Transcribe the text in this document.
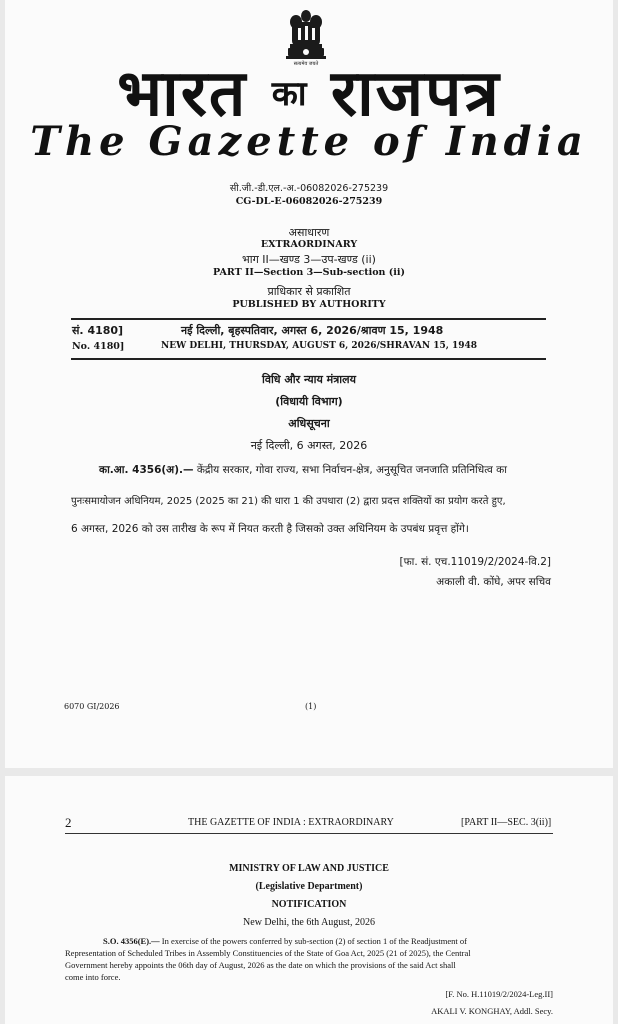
सत्यमेव जयते
भारत का राजपत्र
The Gazette of India
सी.जी.-डी.एल.-अ.-06082026-275239
CG-DL-E-06082026-275239
असाधारण
EXTRAORDINARY
भाग II—खण्ड 3—उप-खण्ड (ii)
PART II—Section 3—Sub-section (ii)
प्राधिकार से प्रकाशित
PUBLISHED BY AUTHORITY
सं. 4180]	नई दिल्ली, बृहस्पतिवार, अगस्त 6, 2026/श्रावण 15, 1948
No. 4180]	NEW DELHI, THURSDAY, AUGUST 6, 2026/SHRAVAN 15, 1948
विधि और न्याय मंत्रालय
(विधायी विभाग)
अधिसूचना
नई दिल्ली, 6 अगस्त, 2026
का.आ. 4356(अ).— केंद्रीय सरकार, गोवा राज्य, सभा निर्वाचन-क्षेत्र, अनुसूचित जनजाति प्रतिनिधित्व का
पुनःसमायोजन अधिनियम, 2025 (2025 का 21) की धारा 1 की उपधारा (2) द्वारा प्रदत्त शक्तियों का प्रयोग करते हुए,
6 अगस्त, 2026 को उस तारीख के रूप में नियत करती है जिसको उक्त अधिनियम के उपबंध प्रवृत्त होंगे।
[फा. सं. एच.11019/2/2024-वि.2]
अकाली वी. कोंघे, अपर सचिव
6070 GI/2026	(1)
2	THE GAZETTE OF INDIA : EXTRAORDINARY	[PART II—SEC. 3(ii)]
MINISTRY OF LAW AND JUSTICE
(Legislative Department)
NOTIFICATION
New Delhi, the 6th August, 2026
S.O. 4356(E).— In exercise of the powers conferred by sub-section (2) of section 1 of the Readjustment of
Representation of Scheduled Tribes in Assembly Constituencies of the State of Goa Act, 2025 (21 of 2025), the Central
Government hereby appoints the 06th day of August, 2026 as the date on which the provisions of the said Act shall
come into force.
[F. No. H.11019/2/2024-Leg.II]
AKALI V. KONGHAY, Addl. Secy.
